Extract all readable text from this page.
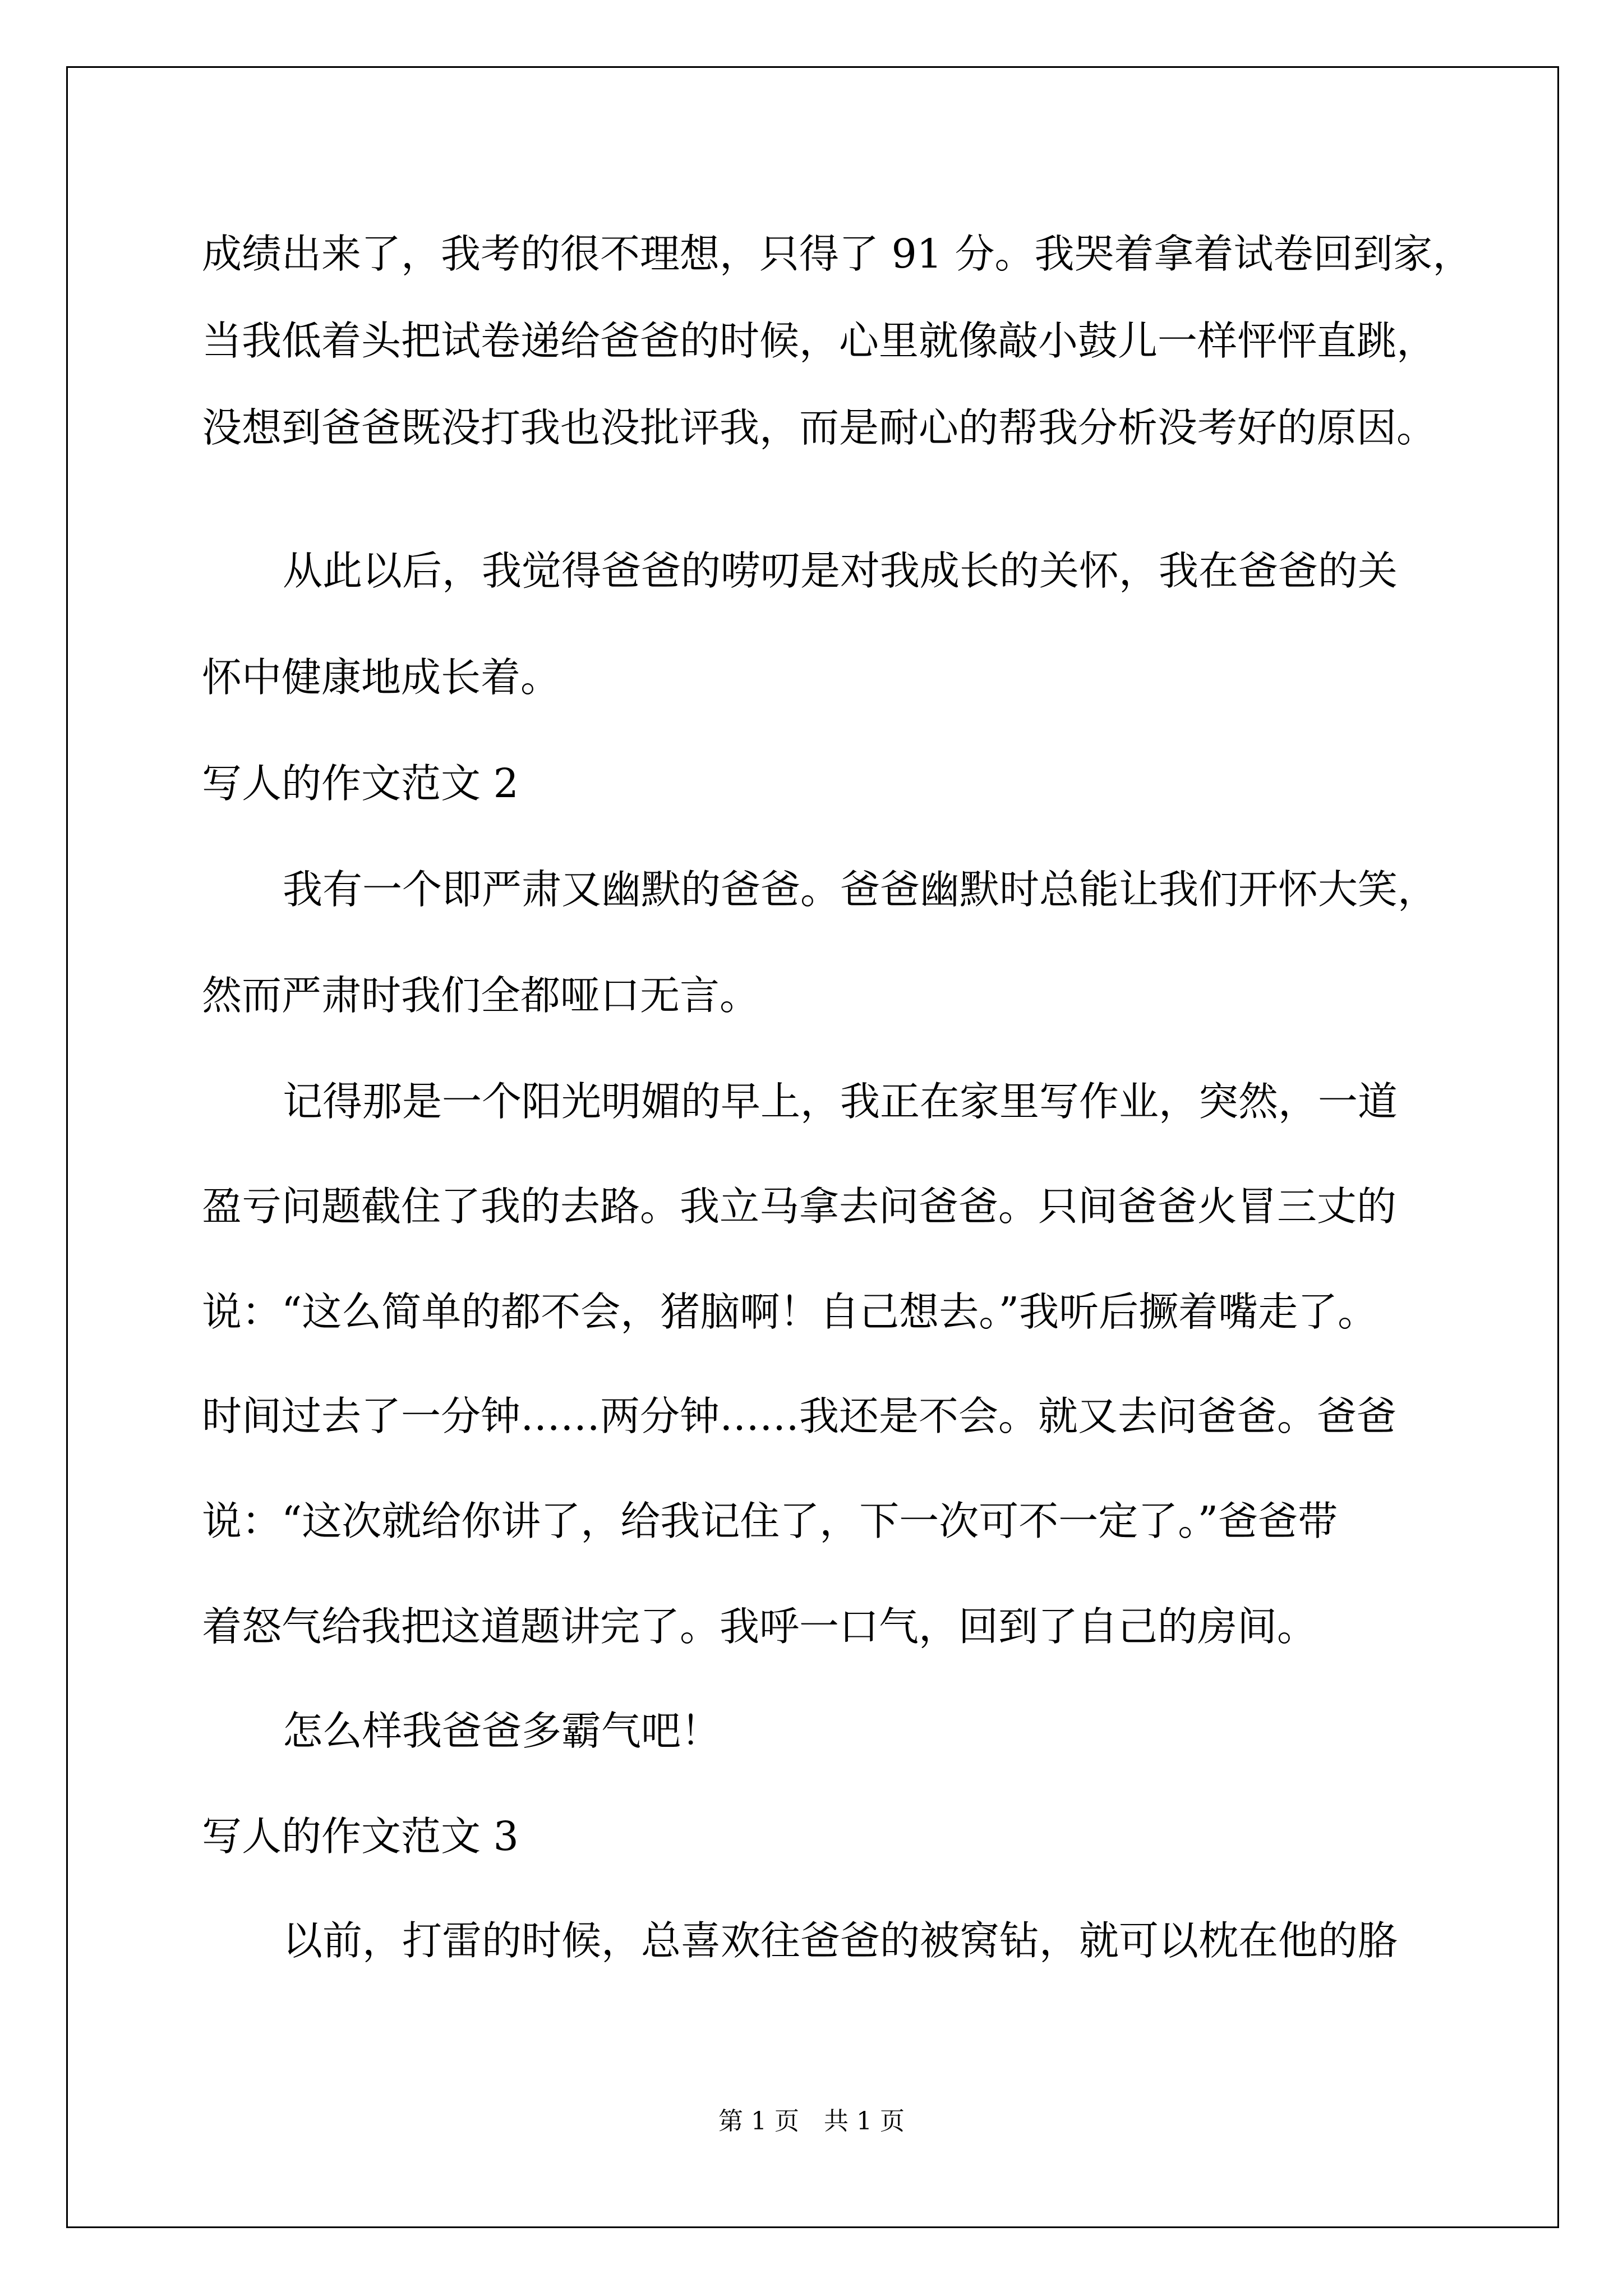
成绩出来了，我考的很不理想，只得了 91 分。我哭着拿着试卷回到家，
当我低着头把试卷递给爸爸的时候，心里就像敲小鼓儿一样怦怦直跳，
没想到爸爸既没打我也没批评我，而是耐心的帮我分析没考好的原因。
从此以后，我觉得爸爸的唠叨是对我成长的关怀，我在爸爸的关
怀中健康地成长着。
写人的作文范文 2
我有一个即严肃又幽默的爸爸。爸爸幽默时总能让我们开怀大笑，
然而严肃时我们全都哑口无言。
记得那是一个阳光明媚的早上，我正在家里写作业，突然，一道
盈亏问题截住了我的去路。我立马拿去问爸爸。只间爸爸火冒三丈的
说：“这么简单的都不会，猪脑啊！自己想去。”我听后撅着嘴走了。
时间过去了一分钟……两分钟……我还是不会。就又去问爸爸。爸爸
说：“这次就给你讲了，给我记住了，下一次可不一定了。”爸爸带
着怒气给我把这道题讲完了。我呼一口气，回到了自己的房间。
怎么样我爸爸多霸气吧！
写人的作文范文 3
以前，打雷的时候，总喜欢往爸爸的被窝钻，就可以枕在他的胳
第 1 页　共 1 页
